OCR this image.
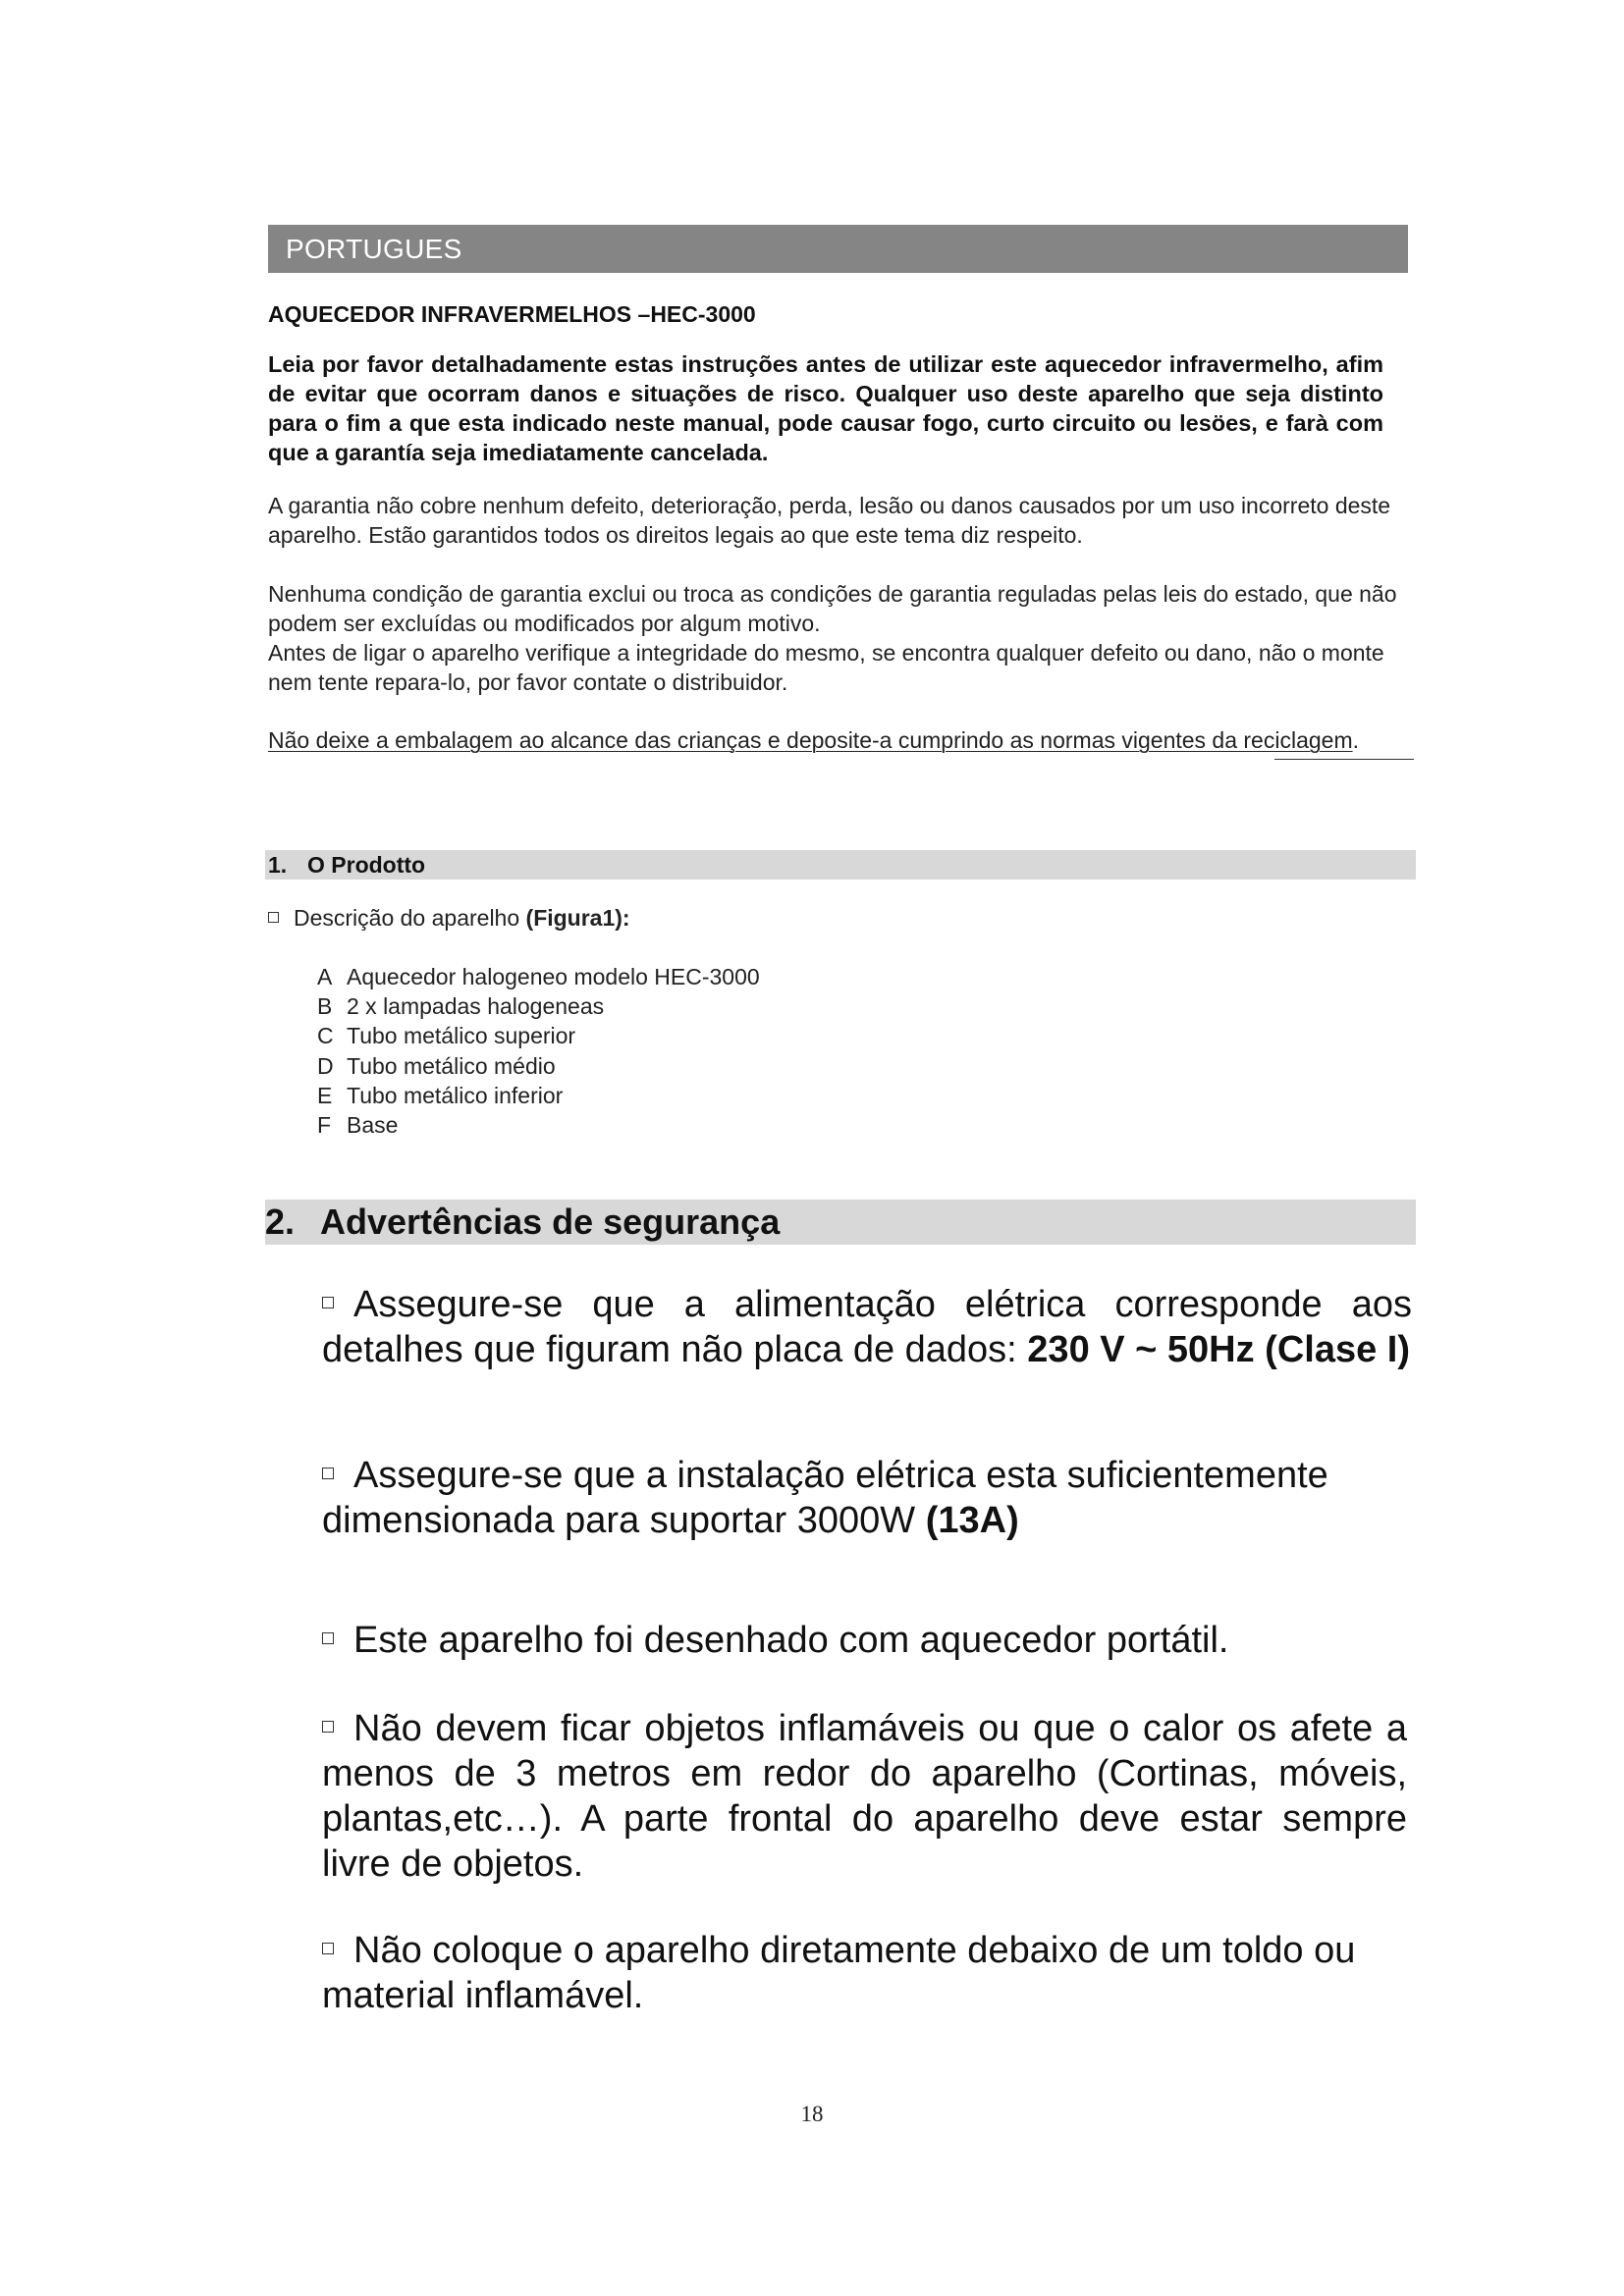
PORTUGUES
AQUECEDOR INFRAVERMELHOS –HEC-3000
Leia por favor detalhadamente estas instruções antes de utilizar este aquecedor infravermelho, afim de evitar que ocorram danos e situações de risco. Qualquer uso deste aparelho que seja distinto para o fim a que esta indicado neste manual, pode causar fogo, curto circuito ou lesöes, e farà com que a garantía seja imediatamente cancelada.
A garantia não cobre nenhum defeito, deterioração, perda, lesão ou danos causados por um uso incorreto deste aparelho. Estão garantidos todos os direitos legais ao que este tema diz respeito.
Nenhuma condição de garantia exclui ou troca as condições de garantia reguladas pelas leis do estado, que não podem ser excluídas ou modificados por algum motivo.
Antes de ligar o aparelho verifique a integridade do mesmo, se encontra qualquer defeito ou dano, não o monte nem tente repara-lo, por favor contate o distribuidor.
Não deixe a embalagem ao alcance das crianças e deposite-a cumprindo as normas vigentes da reciclagem.
1. O Prodotto
Descrição do aparelho (Figura1):
A Aquecedor halogeneo modelo HEC-3000
B 2 x lampadas halogeneas
C Tubo metálico superior
D Tubo metálico médio
E Tubo metálico inferior
F Base
2. Advertências de segurança
Assegure-se que a alimentação elétrica corresponde aos detalhes que figuram não placa de dados: 230 V ~ 50Hz (Clase I)
Assegure-se que a instalação elétrica esta suficientemente dimensionada para suportar 3000W (13A)
Este aparelho foi desenhado com aquecedor portátil.
Não devem ficar objetos inflamáveis ou que o calor os afete a menos de 3 metros em redor do aparelho (Cortinas, móveis, plantas,etc…). A parte frontal do aparelho deve estar sempre livre de objetos.
Não coloque o aparelho diretamente debaixo de um toldo ou material inflamável.
18
